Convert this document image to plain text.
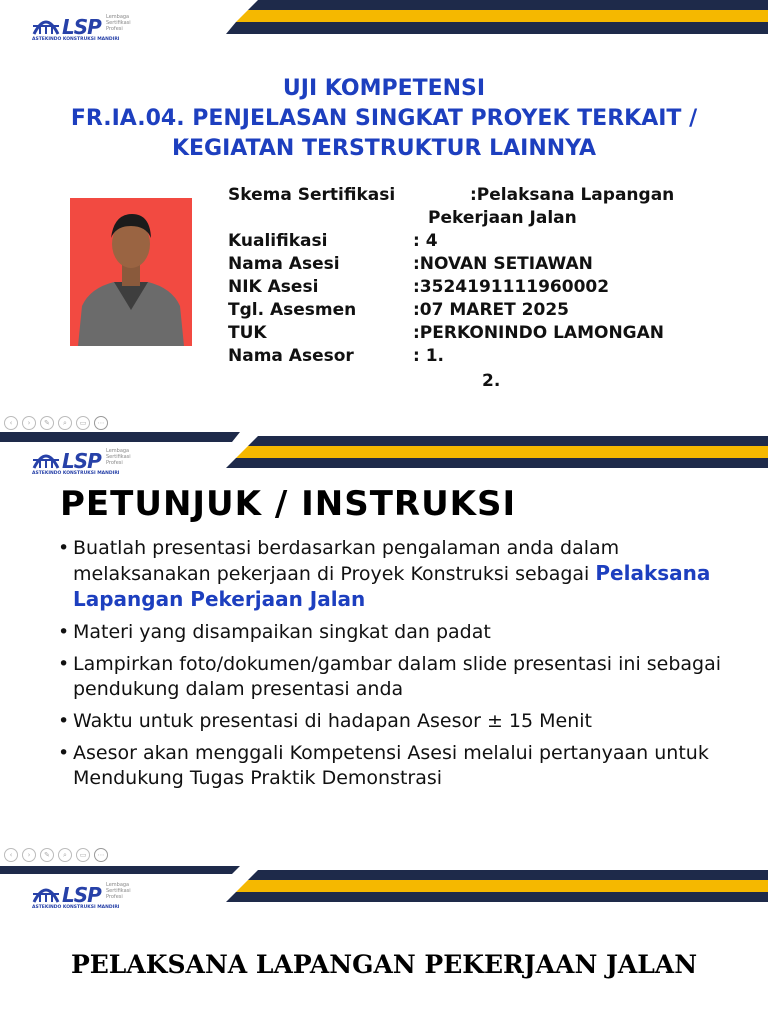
LSP Lembaga Sertifikasi Profesi
ASTEKINDO KONSTRUKSI MANDIRI
UJI KOMPETENSI
FR.IA.04. PENJELASAN SINGKAT PROYEK TERKAIT /
KEGIATAN TERSTRUKTUR LAINNYA
Skema Sertifikasi	:Pelaksana Lapangan
Pekerjaan Jalan
Kualifikasi	: 4
Nama Asesi	:NOVAN SETIAWAN
NIK Asesi	:3524191111960002
Tgl. Asesmen	:07 MARET 2025
TUK	:PERKONINDO LAMONGAN
Nama Asesor	: 1.
2.
‹	›	✎	⌕	▭	⋯
LSP Lembaga Sertifikasi Profesi
ASTEKINDO KONSTRUKSI MANDIRI
PETUNJUK / INSTRUKSI
• Buatlah presentasi berdasarkan pengalaman anda dalam melaksanakan pekerjaan di Proyek Konstruksi sebagai Pelaksana Lapangan Pekerjaan Jalan
• Materi yang disampaikan singkat dan padat
• Lampirkan foto/dokumen/gambar dalam slide presentasi ini sebagai pendukung dalam presentasi anda
• Waktu untuk presentasi di hadapan Asesor ± 15 Menit
• Asesor akan menggali Kompetensi Asesi melalui pertanyaan untuk Mendukung Tugas Praktik Demonstrasi
‹	›	✎	⌕	▭	⋯
LSP Lembaga Sertifikasi Profesi
ASTEKINDO KONSTRUKSI MANDIRI
PELAKSANA LAPANGAN PEKERJAAN JALAN
